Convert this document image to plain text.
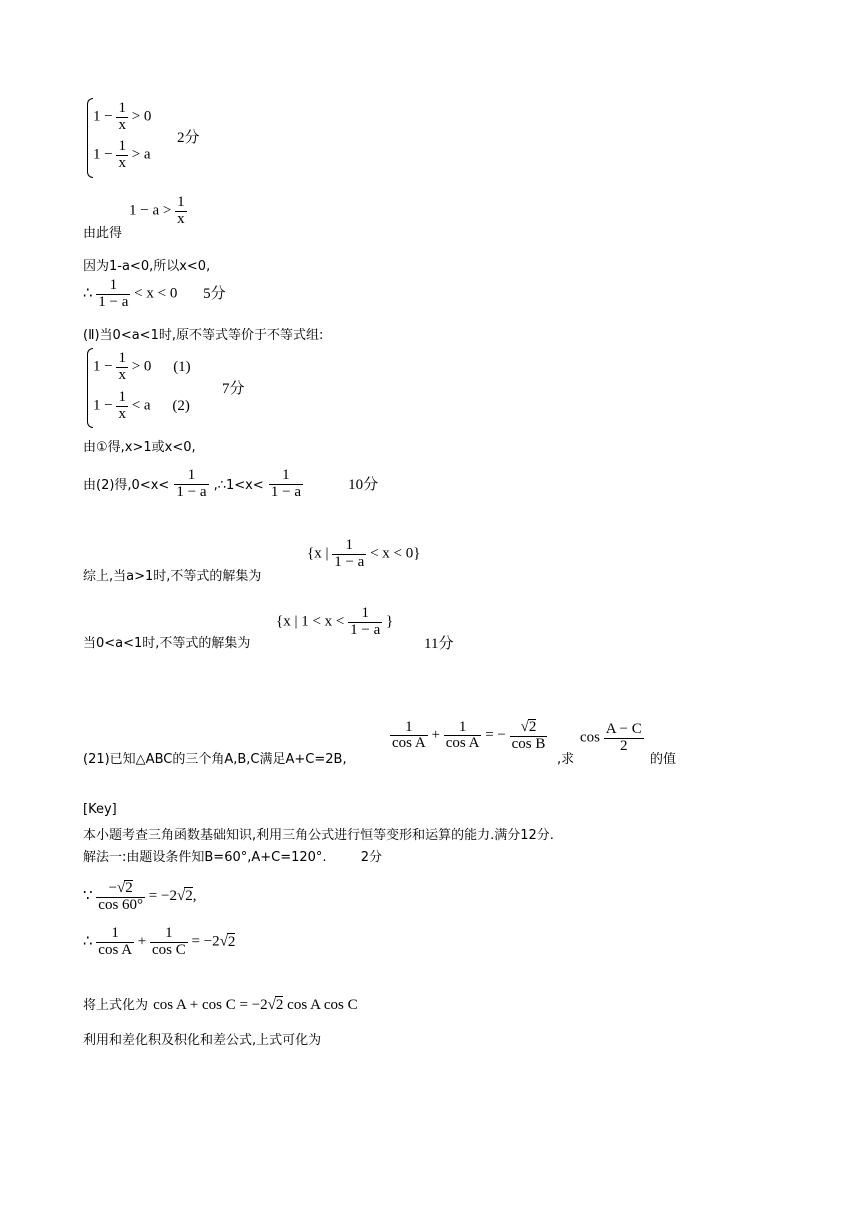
$1 - \frac{1}{x} > 0$
$1 - \frac{1}{x} > a$
2分
由此得
$1 - a > \frac{1}{x}$
因为1-a<0,所以x<0,
∴ $\frac{1}{1 - a} < x < 0$ 5分
(Ⅱ)当0<a<1时,原不等式等价于不等式组:
$1 - \frac{1}{x} > 0$ (1)
$1 - \frac{1}{x} < a$ (2)
7分
由①得,x>1或x<0,
由(2)得$,0<x< \frac{1}{1 - a}$ ,∴1<x< $\frac{1}{1 - a}$	10分
综上,当a>1时,不等式的解集为
{x | $\frac{1}{1 - a} < x < 0$}
当0<a<1时,不等式的解集为
{x | $1 < x < \frac{1}{1 - a}$ }
11分
(21)已知△ABC的三个角A,B,C满足A+C=2B,
$\frac{1}{\text{cos A}} + \frac{1}{\text{cos A}}$ = − $\frac{√2}{\text{cos B}}$
,求
$\cos \frac{A - C}{2}$
的值
[Key]
本小题考查三角函数基础知识,利用三角公式进行恒等变形和运算的能力.满分12分.
解法一:由题设条件知B=60°,A+C=120°.	2分
∵ $\frac{-√2}{\cos 60^\circ} = -2√2$,
∴ $\frac{1}{\text{cos A}} + \frac{1}{\text{cos C}} = -2√2$
将上式化为 cos A + cos C = −2√2 cos A cos C
利用和差化积及积化和差公式,上式可化为
